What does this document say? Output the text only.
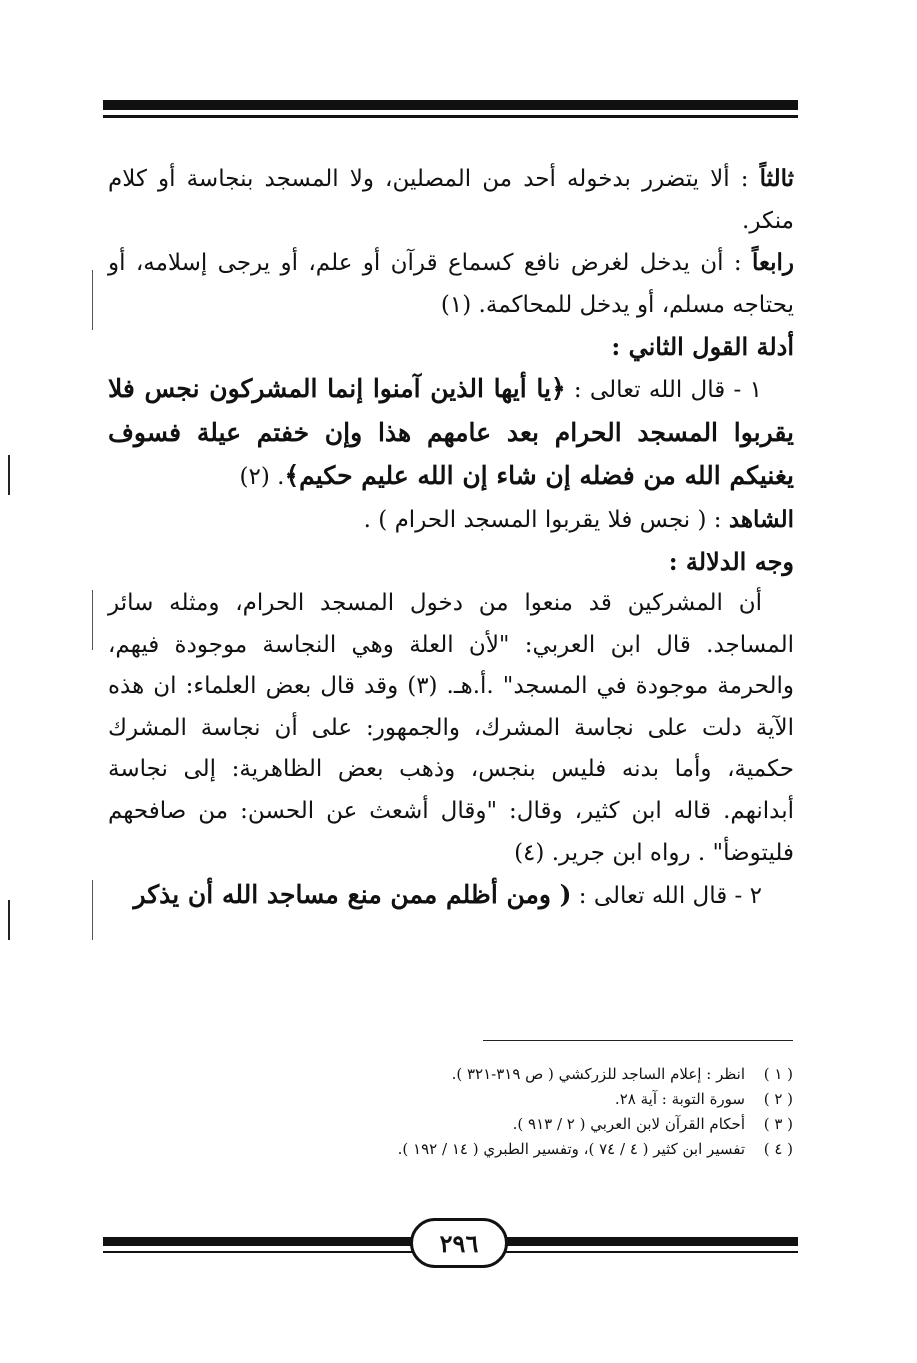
ثالثاً : ألا يتضرر بدخوله أحد من المصلين، ولا المسجد بنجاسة أو كلام منكر.

رابعاً : أن يدخل لغرض نافع كسماع قرآن أو علم، أو يرجى إسلامه، أو يحتاجه مسلم، أو يدخل للمحاكمة. (١)

أدلة القول الثاني :

١ - قال الله تعالى : ﴿يا أيها الذين آمنوا إنما المشركون نجس فلا يقربوا المسجد الحرام بعد عامهم هذا وإن خفتم عيلة فسوف يغنيكم الله من فضله إن شاء إن الله عليم حكيم﴾. (٢)

الشاهد : ( نجس فلا يقربوا المسجد الحرام ) .

وجه الدلالة :

أن المشركين قد منعوا من دخول المسجد الحرام، ومثله سائر المساجد. قال ابن العربي: "لأن العلة وهي النجاسة موجودة فيهم، والحرمة موجودة في المسجد" .أ.هـ. (٣) وقد قال بعض العلماء: ان هذه الآية دلت على نجاسة المشرك، والجمهور: على أن نجاسة المشرك حكمية، وأما بدنه فليس بنجس، وذهب بعض الظاهرية: إلى نجاسة أبدانهم. قاله ابن كثير، وقال: "وقال أشعث عن الحسن: من صافحهم فليتوضأ" . رواه ابن جرير. (٤)

٢ - قال الله تعالى : ( ومن أظلم ممن منع مساجد الله أن يذكر

( ١ )
انظر : إعلام الساجد للزركشي ( ص ٣١٩-٣٢١ ).
( ٢ )
سورة التوبة : آية ٢٨.
( ٣ )
أحكام القرآن لابن العربي ( ٢ / ٩١٣ ).
( ٤ )
تفسير ابن كثير ( ٤ / ٧٤ )، وتفسير الطبري ( ١٤ / ١٩٢ ).
٢٩٦
